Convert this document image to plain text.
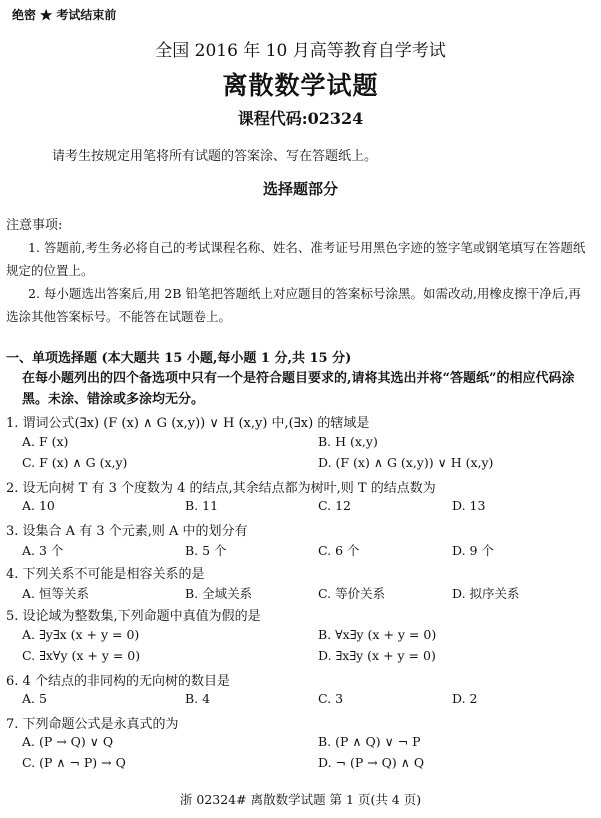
绝密 ★ 考试结束前
全国 2016 年 10 月高等教育自学考试
离散数学试题
课程代码:02324
请考生按规定用笔将所有试题的答案涂、写在答题纸上。
选择题部分
注意事项:
1. 答题前,考生务必将自己的考试课程名称、姓名、准考证号用黑色字迹的签字笔或钢笔填写在答题纸规定的位置上。
2. 每小题选出答案后,用 2B 铅笔把答题纸上对应题目的答案标号涂黑。如需改动,用橡皮擦干净后,再选涂其他答案标号。不能答在试题卷上。
一、单项选择题 (本大题共 15 小题,每小题 1 分,共 15 分)
在每小题列出的四个备选项中只有一个是符合题目要求的,请将其选出并将“答题纸”的相应代码涂黑。未涂、错涂或多涂均无分。
1. 谓词公式(∃x) (F (x) ∧ G (x,y)) ∨ H (x,y) 中,(∃x) 的辖域是
A. F (x)	B. H (x,y)
C. F (x) ∧ G (x,y)	D. (F (x) ∧ G (x,y)) ∨ H (x,y)
2. 设无向树 T 有 3 个度数为 4 的结点,其余结点都为树叶,则 T 的结点数为
A. 10	B. 11	C. 12	D. 13
3. 设集合 A 有 3 个元素,则 A 中的划分有
A. 3 个	B. 5 个	C. 6 个	D. 9 个
4. 下列关系不可能是相容关系的是
A. 恒等关系	B. 全域关系	C. 等价关系	D. 拟序关系
5. 设论域为整数集,下列命题中真值为假的是
A. ∃y∃x (x + y = 0)	B. ∀x∃y (x + y = 0)
C. ∃x∀y (x + y = 0)	D. ∃x∃y (x + y = 0)
6. 4 个结点的非同构的无向树的数目是
A. 5	B. 4	C. 3	D. 2
7. 下列命题公式是永真式的为
A. (P → Q) ∨ Q	B. (P ∧ Q) ∨ ¬ P
C. (P ∧ ¬ P) → Q	D. ¬ (P → Q) ∧ Q
浙 02324# 离散数学试题 第 1 页(共 4 页)
